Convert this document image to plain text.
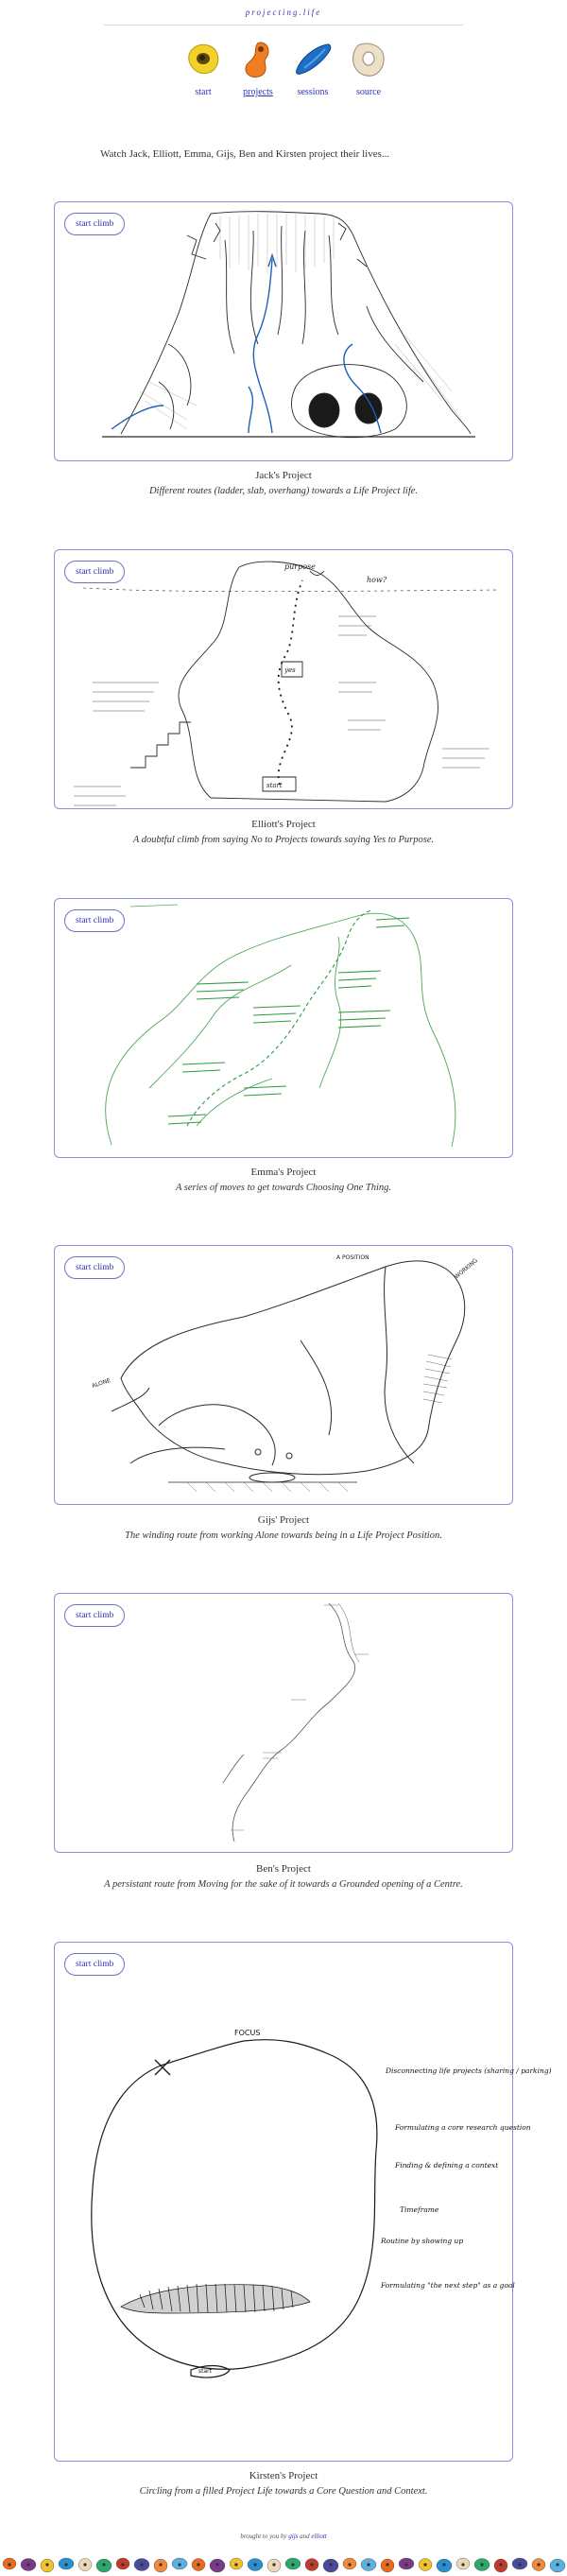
projecting.life
start	projects	sessions	source

Watch Jack, Elliott, Emma, Gijs, Ben and Kirsten project their lives...

start climb
Jack's Project
Different routes (ladder, slab, overhang) towards a Life Project life.
start climb
purpose
how?
yes
start
Elliott's Project
A doubtful climb from saying No to Projects towards saying Yes to Purpose.
start climb
Emma's Project
A series of moves to get towards Choosing One Thing.
start climb
A POSITION
ALONE
WORKING
Gijs' Project
The winding route from working Alone towards being in a Life Project Position.
start climb
Ben's Project
A persistant route from Moving for the sake of it towards a Grounded opening of a Centre.
start climb
FOCUS
start
Disconnecting life projects (sharing / parking)
Formulating a core research question
Finding & defining a context
Timeframe
Routine by showing up
Formulating "the next step" as a goal
Kirsten's Project
Circling from a filled Project Life towards a Core Question and Context.
brought to you by gijs and elliott
